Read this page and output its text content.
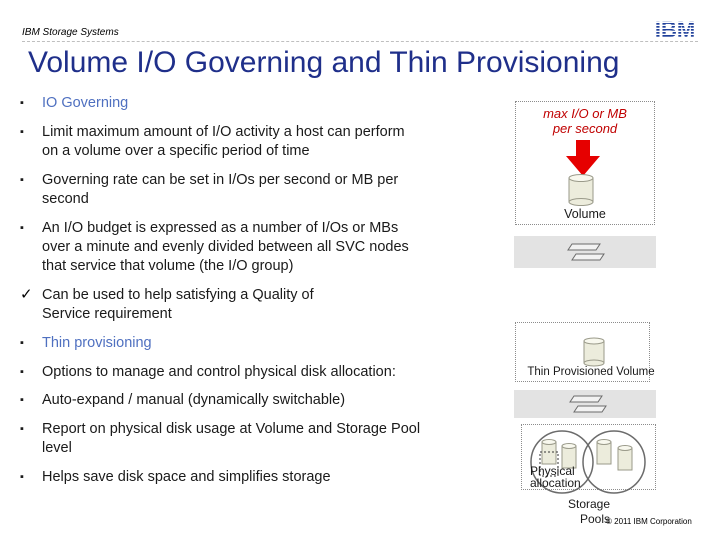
IBM Storage Systems	IBM
Volume I/O Governing and Thin Provisioning
▪	IO Governing
▪	Limit maximum amount of I/O activity a host can perform
on a volume over a specific period of time
▪	Governing rate can be set in I/Os per second or MB per
second
▪	An I/O budget is expressed as a number of I/Os or MBs
over a minute and evenly divided between all SVC nodes
that service that volume (the I/O group)
✓ Can be used to help satisfying a Quality of
Service requirement
▪	Thin provisioning
▪	Options to manage and control physical disk allocation:
▪	Auto-expand / manual (dynamically switchable)
▪	Report on physical disk usage at Volume and Storage Pool
level
▪	Helps save disk space and simplifies storage
max I/O or MB
per second
Volume
Thin Provisioned Volume
Physical
allocation
Storage
Pools
© 2011 IBM Corporation
